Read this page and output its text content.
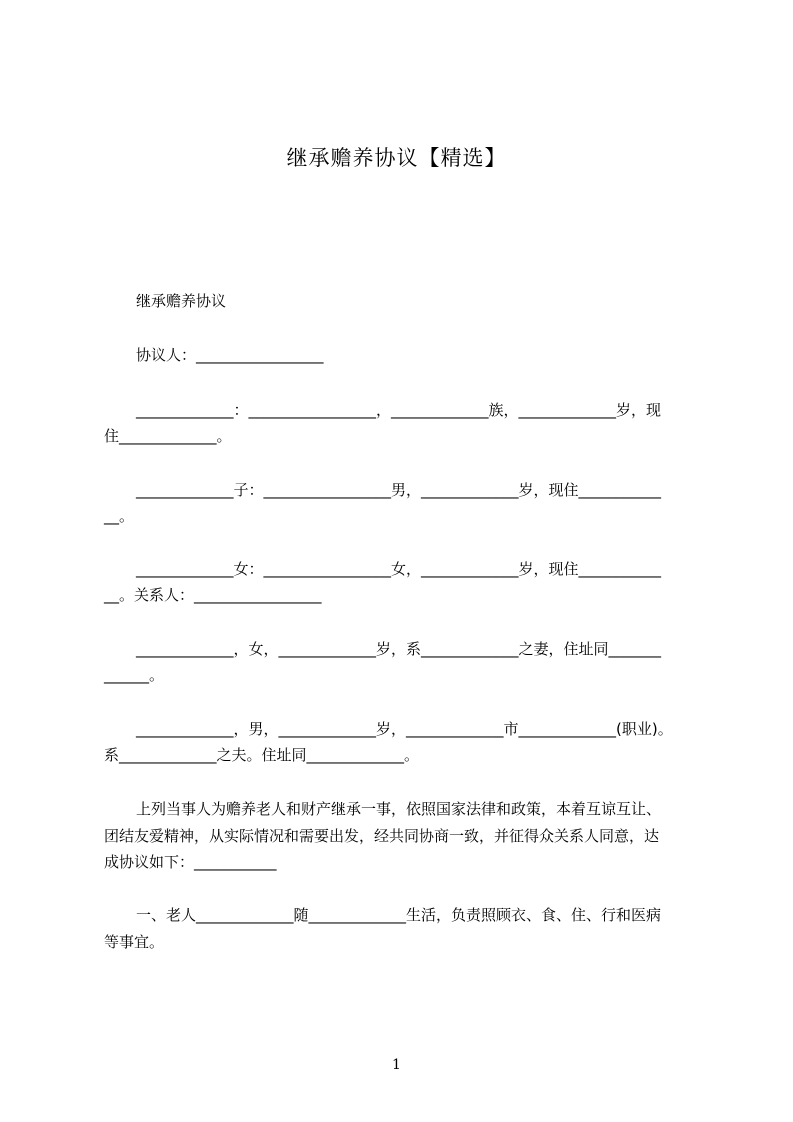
继承赡养协议【精选】
继承赡养协议
协议人：_________________
_____________：_________________，_____________族，_____________岁，现
住_____________。
_____________子：_________________男，_____________岁，现住___________
__。
_____________女：_________________女，_____________岁，现住___________
__。关系人：_________________
_____________，女，_____________岁，系_____________之妻，住址同_______
______。
_____________，男，_____________岁，_____________市_____________(职业)。
系_____________之夫。住址同_____________。
上列当事人为赡养老人和财产继承一事，依照国家法律和政策，本着互谅互让、
团结友爱精神，从实际情况和需要出发，经共同协商一致，并征得众关系人同意，达
成协议如下：___________
一、老人_____________随_____________生活，负责照顾衣、食、住、行和医病
等事宜。
1
